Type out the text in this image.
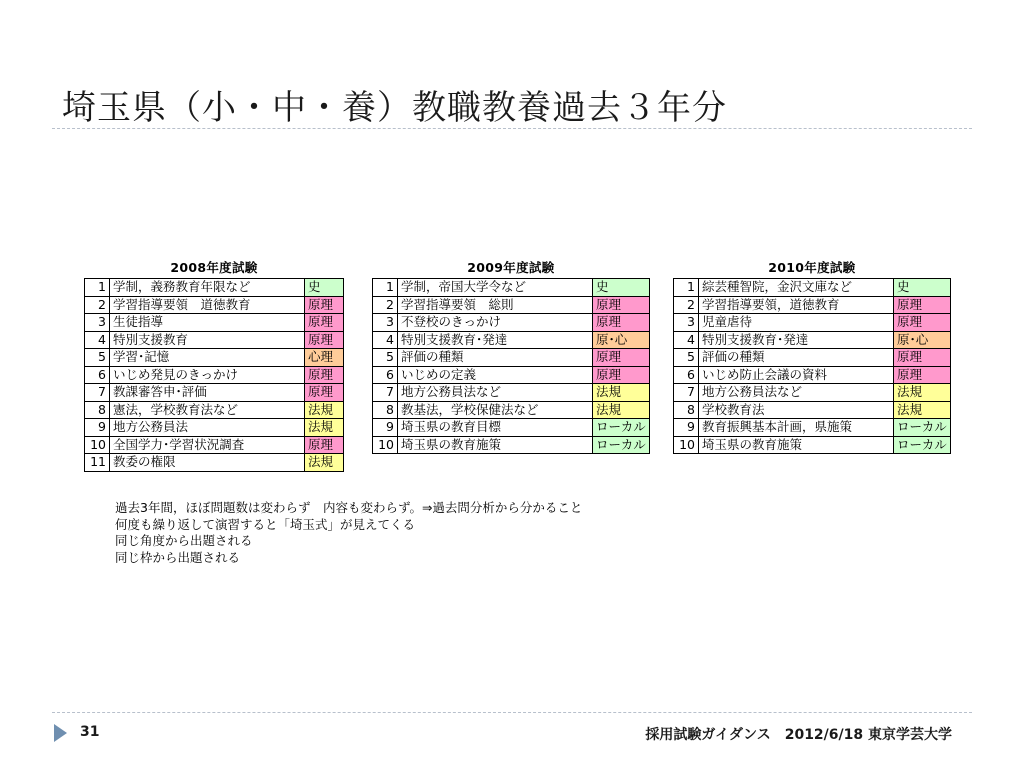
埼玉県（小・中・養）教職教養過去３年分
2008年度試験
1	学制，義務教育年限など	史
2	学習指導要領　道徳教育	原理
3	生徒指導	原理
4	特別支援教育	原理
5	学習･記憶	心理
6	いじめ発見のきっかけ	原理
7	教課審答申･評価	原理
8	憲法，学校教育法など	法規
9	地方公務員法	法規
10	全国学力･学習状況調査	原理
11	教委の権限	法規
2009年度試験
1	学制，帝国大学令など	史
2	学習指導要領　総則	原理
3	不登校のきっかけ	原理
4	特別支援教育･発達	原･心
5	評価の種類	原理
6	いじめの定義	原理
7	地方公務員法など	法規
8	教基法，学校保健法など	法規
9	埼玉県の教育目標	ローカル
10	埼玉県の教育施策	ローカル
2010年度試験
1	綜芸種智院，金沢文庫など	史
2	学習指導要領，道徳教育	原理
3	児童虐待	原理
4	特別支援教育･発達	原･心
5	評価の種類	原理
6	いじめ防止会議の資料	原理
7	地方公務員法など	法規
8	学校教育法	法規
9	教育振興基本計画，県施策	ローカル
10	埼玉県の教育施策	ローカル
過去3年間，ほぼ問題数は変わらず　内容も変わらず。⇒過去問分析から分かること
何度も繰り返して演習すると「埼玉式」が見えてくる
同じ角度から出題される
同じ枠から出題される
31	採用試験ガイダンス　2012/6/18 東京学芸大学
